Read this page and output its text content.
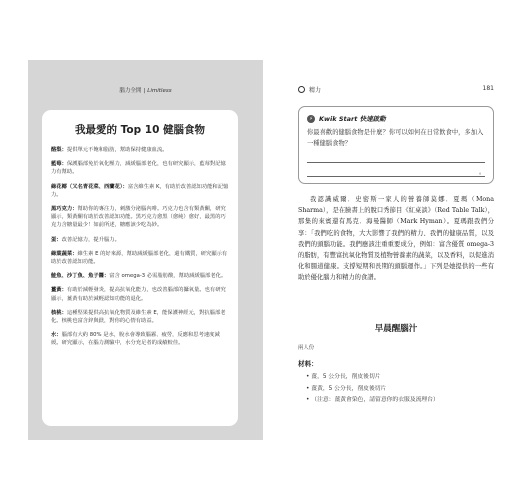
腦力全開 | Limitless
我最愛的 Top 10 健腦食物
酪梨：提供單元不飽和脂肪，幫助保持健康血流。
藍莓：保護腦部免於氧化壓力，減緩腦部老化，也有研究顯示，藍莓對記憶力有幫助。
綠花椰（又名青花菜、西蘭花）：富含維生素 K，有助於改善認知功能和記憶力。
黑巧克力：幫助你的專注力，刺激分泌腦內啡。巧克力也含有類黃酮，研究顯示，類黃酮有助於改善認知功能。黑巧克力愈黑（愈純）愈好，最黑的巧克力含糖量最少！如前所述，糖應該少吃為妙。
蛋：改善記憶力，提升腦力。
綠葉蔬菜：維生素 E 的好來源，幫助減緩腦部老化，還有鐵質，研究顯示有助於改善認知功能。
鮭魚、沙丁魚、魚子醬：富含 omega-3 必需脂肪酸，幫助減緩腦部老化。
薑黃：有助於減輕發炎，提高抗氧化能力，也改善腦部的攝氧量。也有研究顯示，薑黃有助於減輕認知功能的退化。
核桃：這種堅果提供高抗氧化物質及維生素 E，能保護神經元，對抗腦部老化。核桃也富含鋅與鎂，對你的心情有助益。
水：腦部有大約 80% 是水，脫水會導致腦霧、疲勞，反應和思考速度減緩。研究顯示，在腦力測驗中，水分充足者的成績較佳。
精力	181
⚡ Kwik Start 快速啟動
你最喜歡的健腦食物是什麼？你可以如何在日常飲食中，多加入一種健腦食物？
。
我認識威爾．史密斯一家人的營養師莫娜．夏瑪（Mona Sharma），是在臉書上的脫口秀節目《紅桌談》（Red Table Talk），那集的來賓還有馬克．海曼醫師（Mark Hyman）。夏瑪跟我們分享：「我們吃的食物，大大影響了我們的精力、我們的健康品質，以及我們的頭腦功能。我們應該注重重要成分，例如：富含優質 omega-3 的脂肪，有豐富抗氧化物質及植物營養素的蔬菜，以及香料，以促進消化和腸道健康。支撐短期和長期的頭腦運作。」下列是她提供的一些有助於優化腦力和精力的食譜。
早晨醒腦汁
兩人份
材料：
• 薑，5 公分長，削皮後切片
• 薑黃，5 公分長，削皮後切片
• （注意：薑黃會染色，請留意你的衣服及流理台）
